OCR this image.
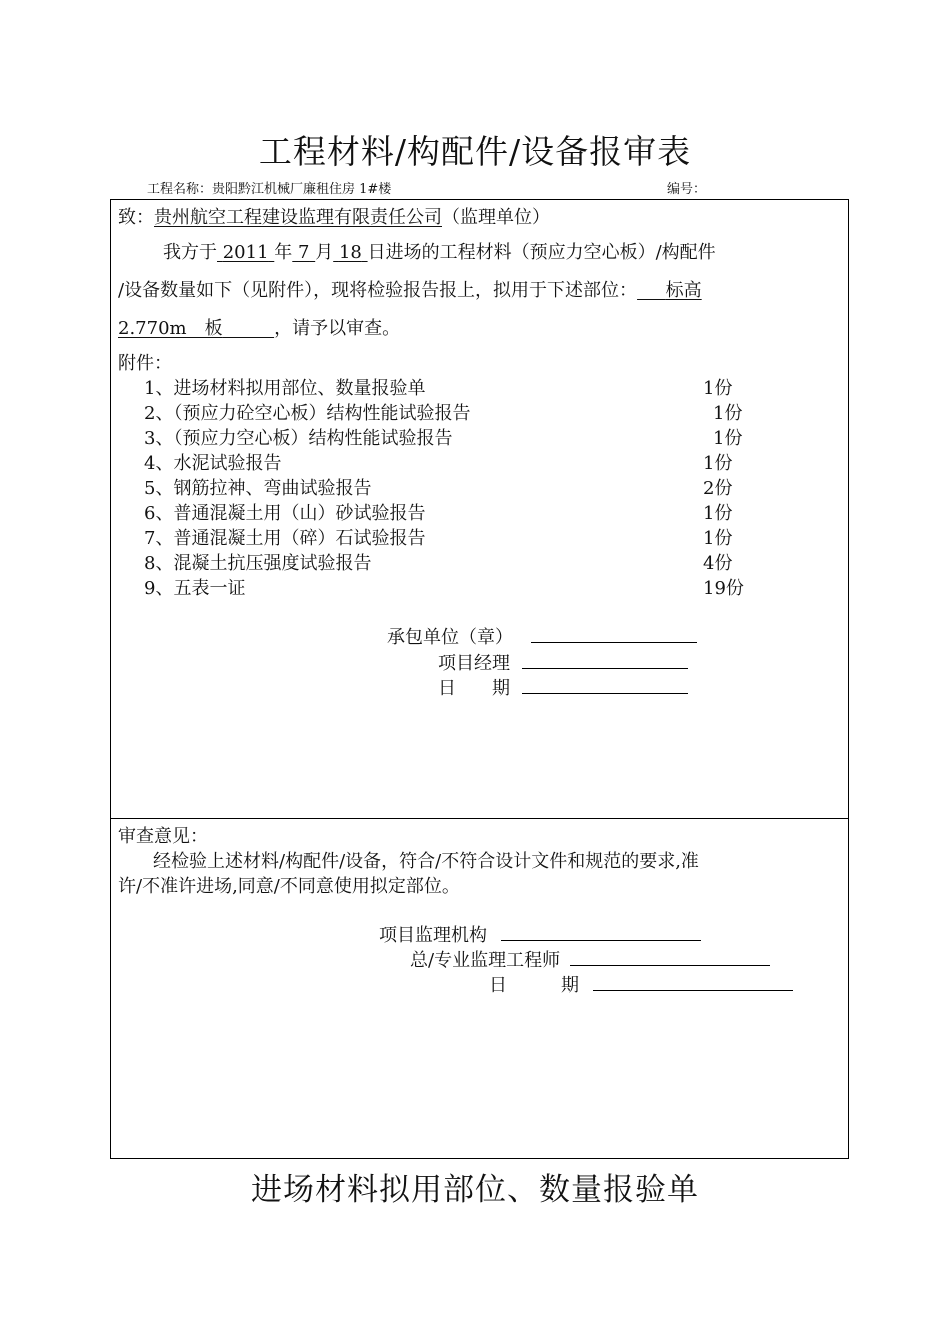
工程材料/构配件/设备报审表
工程名称：贵阳黔江机械厂廉租住房 1#楼	编号：
致：贵州航空工程建设监理有限责任公司（监理单位）
我方于 2011 年 7 月 18 日进场的工程材料（预应力空心板）/构配件
/设备数量如下（见附件），现将检验报告报上，拟用于下述部位： 标高
2.770m　板	，请予以审查。
附件：
1、进场材料拟用部位、数量报验单	1份
2、（预应力砼空心板）结构性能试验报告	1份
3、（预应力空心板）结构性能试验报告	1份
4、水泥试验报告	1份
5、钢筋拉神、弯曲试验报告	2份
6、普通混凝土用（山）砂试验报告	1份
7、普通混凝土用（碎）石试验报告	1份
8、混凝土抗压强度试验报告	4份
9、五表一证	19份
承包单位（章）
项目经理
日　　期
审查意见：
经检验上述材料/构配件/设备，符合/不符合设计文件和规范的要求,准
许/不准许进场,同意/不同意使用拟定部位。
项目监理机构
总/专业监理工程师
日　　　期
进场材料拟用部位、数量报验单
